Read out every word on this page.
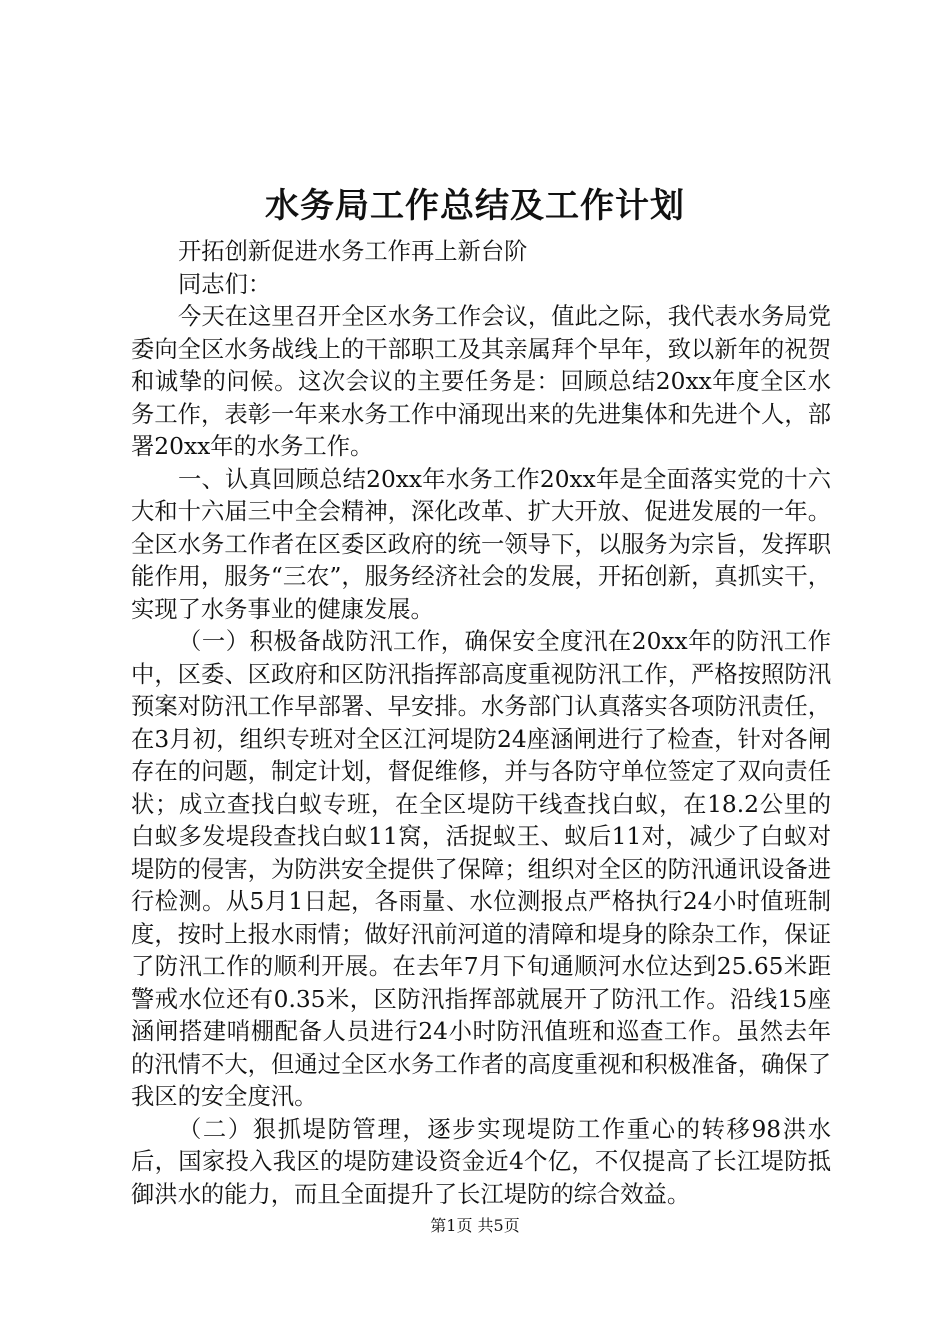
水务局工作总结及工作计划

开拓创新促进水务工作再上新台阶

同志们：

今天在这里召开全区水务工作会议，值此之际，我代表水务局党委向全区水务战线上的干部职工及其亲属拜个早年，致以新年的祝贺和诚挚的问候。这次会议的主要任务是：回顾总结20xx年度全区水务工作，表彰一年来水务工作中涌现出来的先进集体和先进个人，部署20xx年的水务工作。

一、认真回顾总结20xx年水务工作20xx年是全面落实党的十六大和十六届三中全会精神，深化改革、扩大开放、促进发展的一年。全区水务工作者在区委区政府的统一领导下，以服务为宗旨，发挥职能作用，服务“三农”，服务经济社会的发展，开拓创新，真抓实干，实现了水务事业的健康发展。

（一）积极备战防汛工作，确保安全度汛在20xx年的防汛工作中，区委、区政府和区防汛指挥部高度重视防汛工作，严格按照防汛预案对防汛工作早部署、早安排。水务部门认真落实各项防汛责任，在3月初，组织专班对全区江河堤防24座涵闸进行了检查，针对各闸存在的问题，制定计划，督促维修，并与各防守单位签定了双向责任状；成立查找白蚁专班，在全区堤防干线查找白蚁，在18.2公里的白蚁多发堤段查找白蚁11窝，活捉蚁王、蚁后11对，减少了白蚁对堤防的侵害，为防洪安全提供了保障；组织对全区的防汛通讯设备进行检测。从5月1日起，各雨量、水位测报点严格执行24小时值班制度，按时上报水雨情；做好汛前河道的清障和堤身的除杂工作，保证了防汛工作的顺利开展。在去年7月下旬通顺河水位达到25.65米距警戒水位还有0.35米，区防汛指挥部就展开了防汛工作。沿线15座涵闸搭建哨棚配备人员进行24小时防汛值班和巡查工作。虽然去年的汛情不大，但通过全区水务工作者的高度重视和积极准备，确保了我区的安全度汛。

（二）狠抓堤防管理，逐步实现堤防工作重心的转移98洪水后，国家投入我区的堤防建设资金近4个亿，不仅提高了长江堤防抵御洪水的能力，而且全面提升了长江堤防的综合效益。

第1页 共5页
